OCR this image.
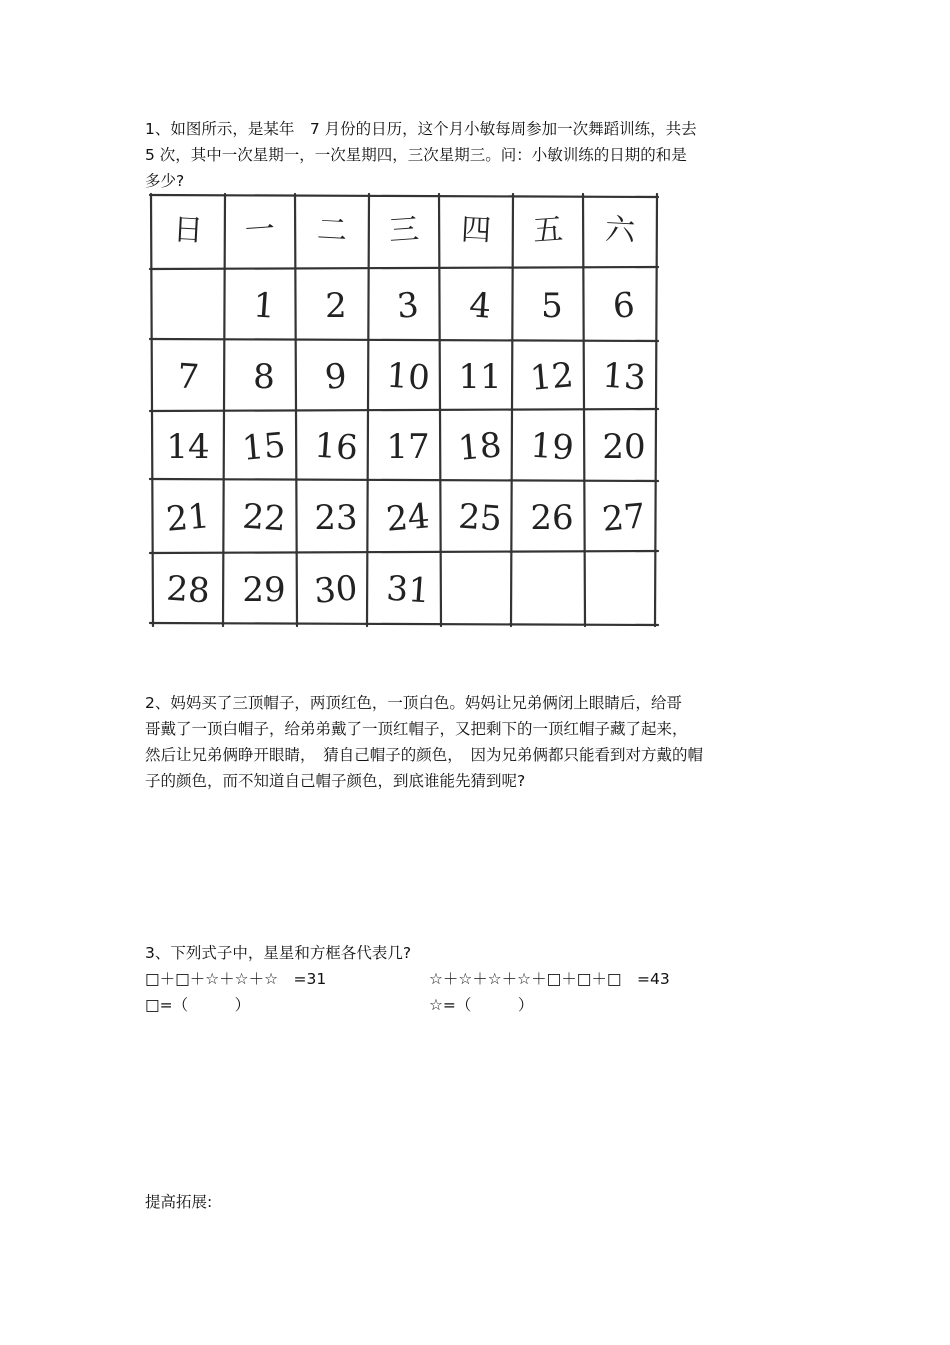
1、如图所示，是某年　7 月份的日历，这个月小敏每周参加一次舞蹈训练，共去
5 次，其中一次星期一，一次星期四，三次星期三。问：小敏训练的日期的和是
多少?
日 一 二 三 四 五 六
1 2 3 4 5 6
7 8 9 10 11 12 13
14 15 16 17 18 19 20
21 22 23 24 25 26 27
28 29 30 31
2、妈妈买了三顶帽子，两顶红色，一顶白色。妈妈让兄弟俩闭上眼睛后，给哥
哥戴了一顶白帽子，给弟弟戴了一顶红帽子，又把剩下的一顶红帽子藏了起来，
然后让兄弟俩睁开眼睛，　猜自己帽子的颜色，　因为兄弟俩都只能看到对方戴的帽
子的颜色，而不知道自己帽子颜色，到底谁能先猜到呢?
3、下列式子中，星星和方框各代表几?
□＋□＋☆＋☆＋☆　=31	☆＋☆＋☆＋☆＋□＋□＋□　=43
□=（　　　）	☆=（　　　）
提高拓展:
